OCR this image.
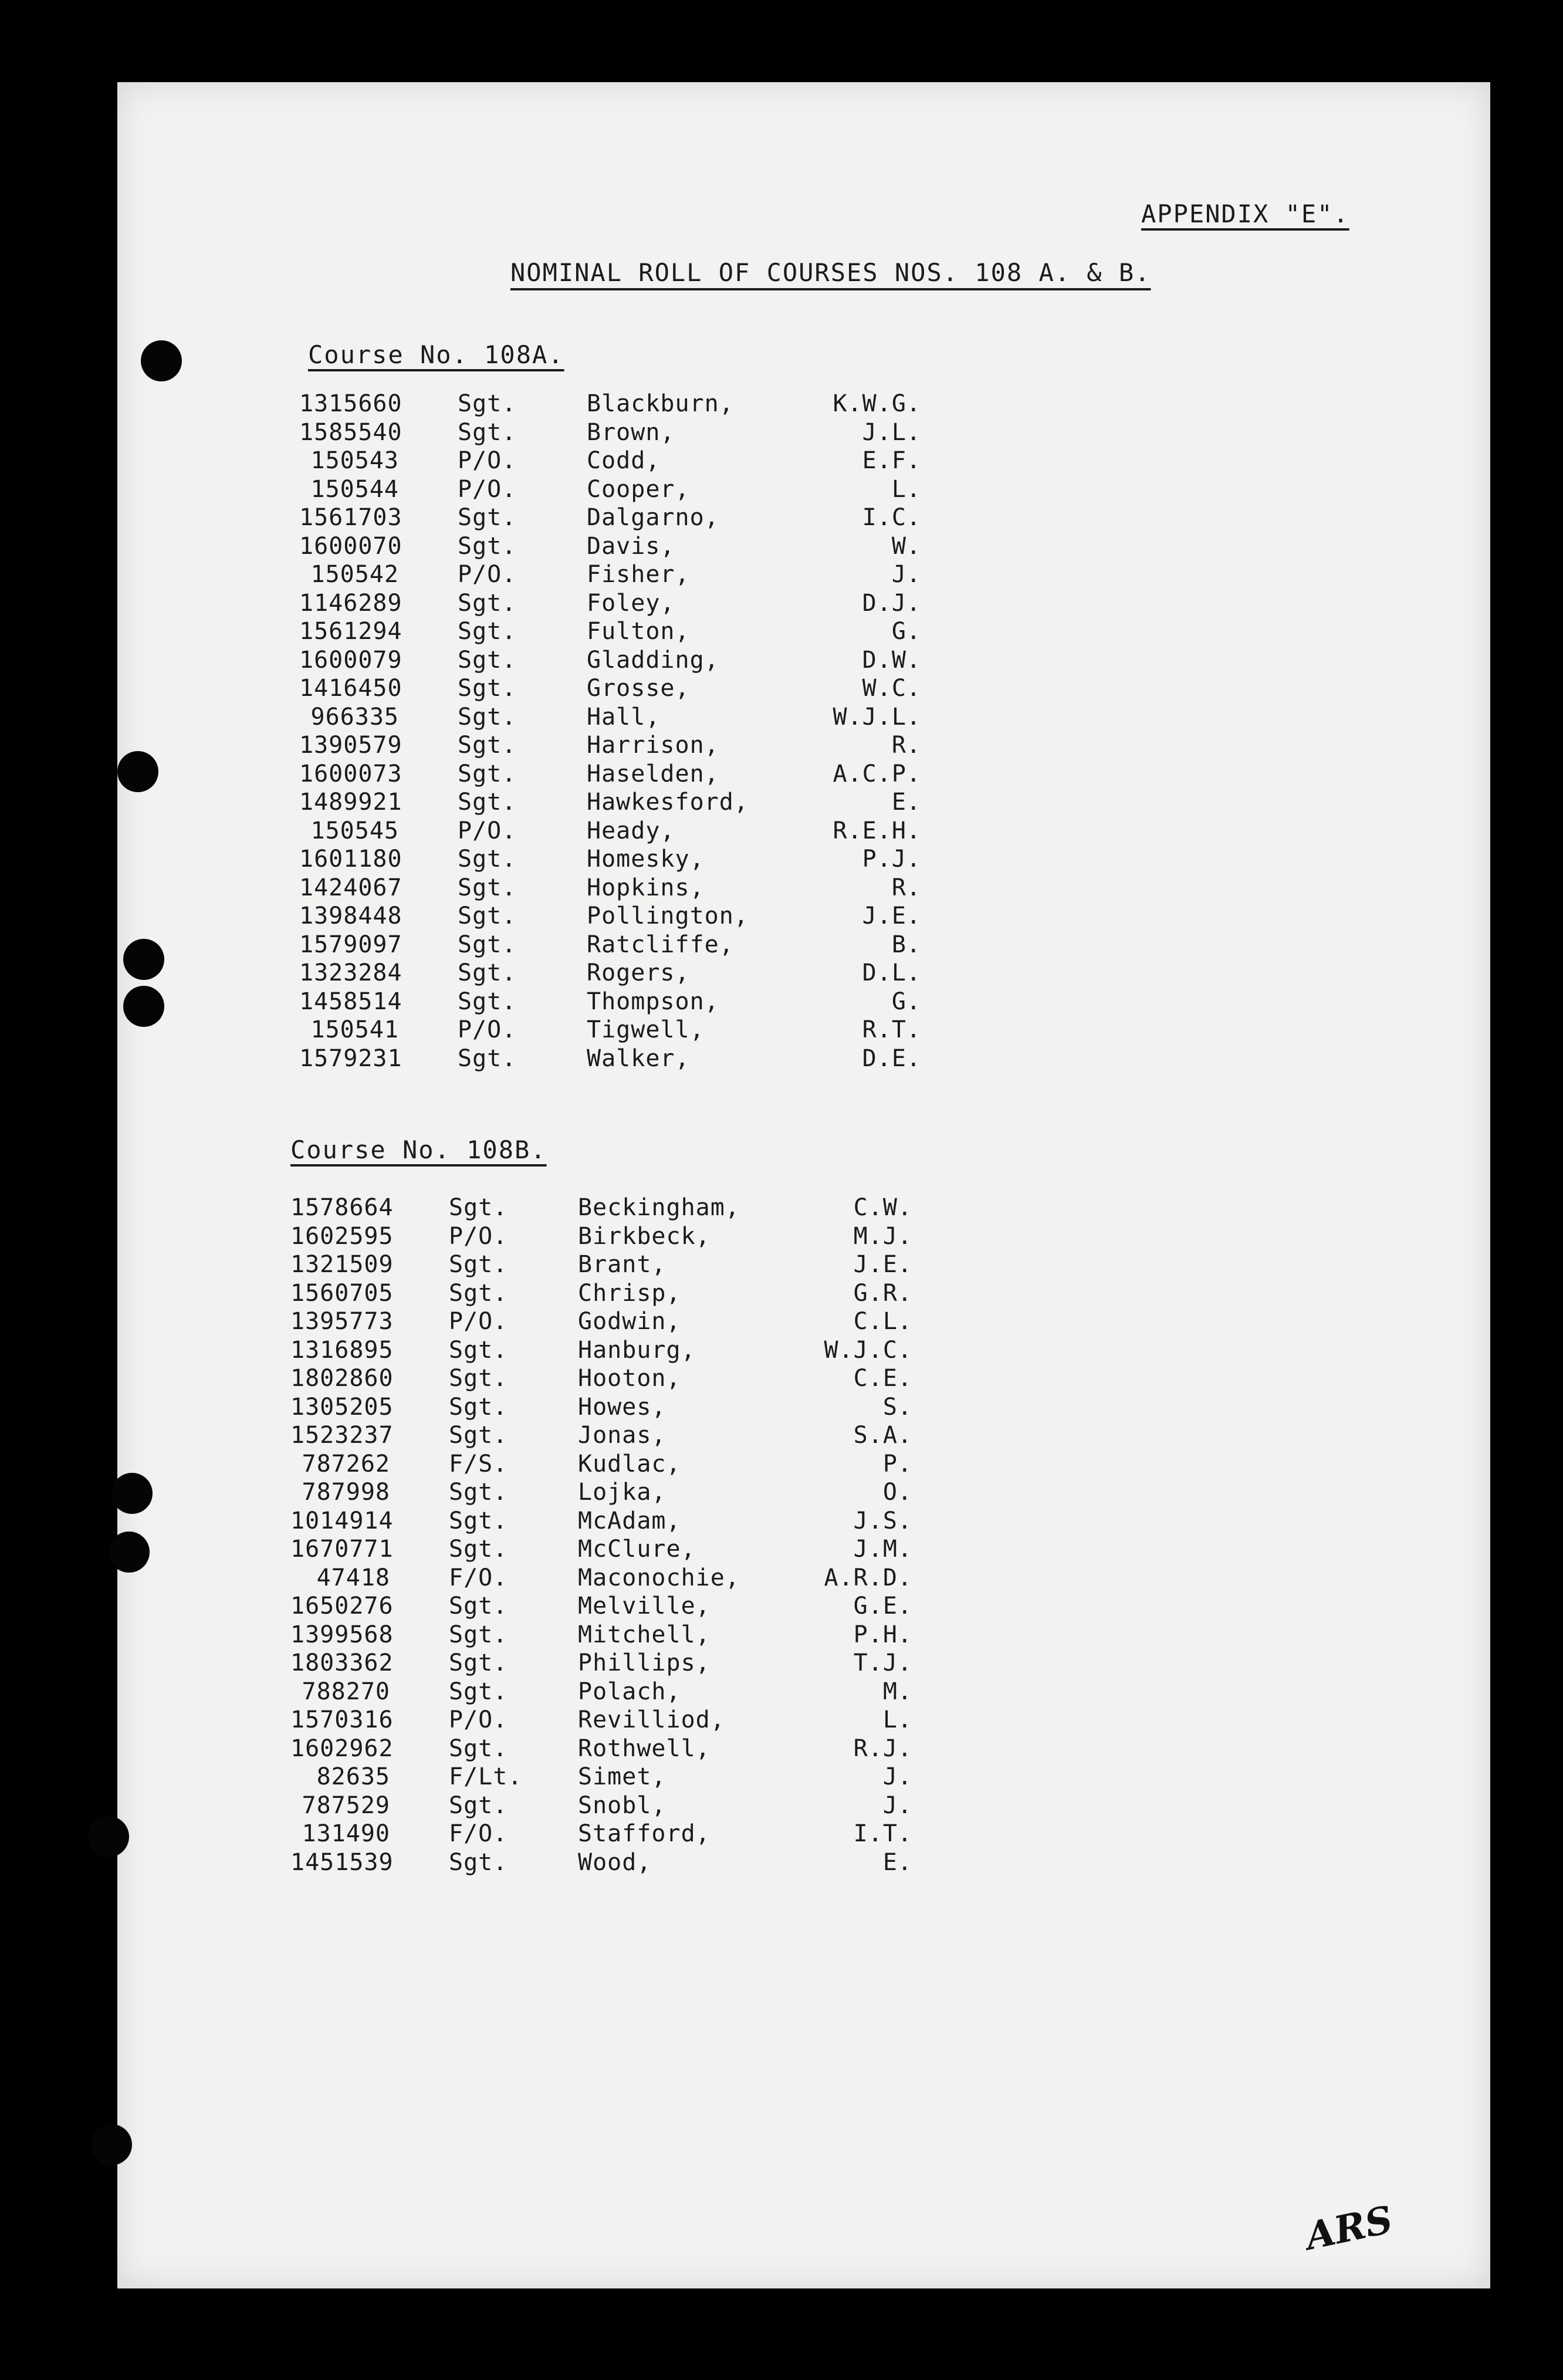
APPENDIX "E".
NOMINAL ROLL OF COURSES NOS. 108 A. & B.
Course No. 108A.
1315660 Sgt.	Blackburn,	K.W.G.
1585540 Sgt.	Brown,	J.L.
150543	P/O.	Codd,	E.F.
150544	P/O.	Cooper,	L.
1561703 Sgt.	Dalgarno,	I.C.
1600070 Sgt.	Davis,	W.
150542	P/O.	Fisher,	J.
1146289 Sgt.	Foley,	D.J.
1561294 Sgt.	Fulton,	G.
1600079 Sgt.	Gladding,	D.W.
1416450 Sgt.	Grosse,	W.C.
966335	Sgt.	Hall,	W.J.L.
1390579 Sgt.	Harrison,	R.
1600073 Sgt.	Haselden,	A.C.P.
1489921 Sgt.	Hawkesford,	E.
150545	P/O.	Heady,	R.E.H.
1601180 Sgt.	Homesky,	P.J.
1424067 Sgt.	Hopkins,	R.
1398448 Sgt.	Pollington,	J.E.
1579097 Sgt.	Ratcliffe,	B.
1323284 Sgt.	Rogers,	D.L.
1458514 Sgt.	Thompson,	G.
150541	P/O.	Tigwell,	R.T.
1579231 Sgt.	Walker,	D.E.
Course No. 108B.
1578664 Sgt.	Beckingham,	C.W.
1602595 P/O.	Birkbeck,	M.J.
1321509 Sgt.	Brant,	J.E.
1560705 Sgt.	Chrisp,	G.R.
1395773 P/O.	Godwin,	C.L.
1316895 Sgt.	Hanburg,	W.J.C.
1802860 Sgt.	Hooton,	C.E.
1305205 Sgt.	Howes,	S.
1523237 Sgt.	Jonas,	S.A.
787262	F/S.	Kudlac,	P.
787998	Sgt.	Lojka,	O.
1014914 Sgt.	McAdam,	J.S.
1670771 Sgt.	McClure,	J.M.
47418	F/O.	Maconochie,	A.R.D.
1650276 Sgt.	Melville,	G.E.
1399568 Sgt.	Mitchell,	P.H.
1803362 Sgt.	Phillips,	T.J.
788270	Sgt.	Polach,	M.
1570316 P/O.	Revilliod,	L.
1602962 Sgt.	Rothwell,	R.J.
82635	F/Lt. Simet,	J.
787529	Sgt.	Snobl,	J.
131490	F/O.	Stafford,	I.T.
1451539 Sgt.	Wood,	E.
ARS
